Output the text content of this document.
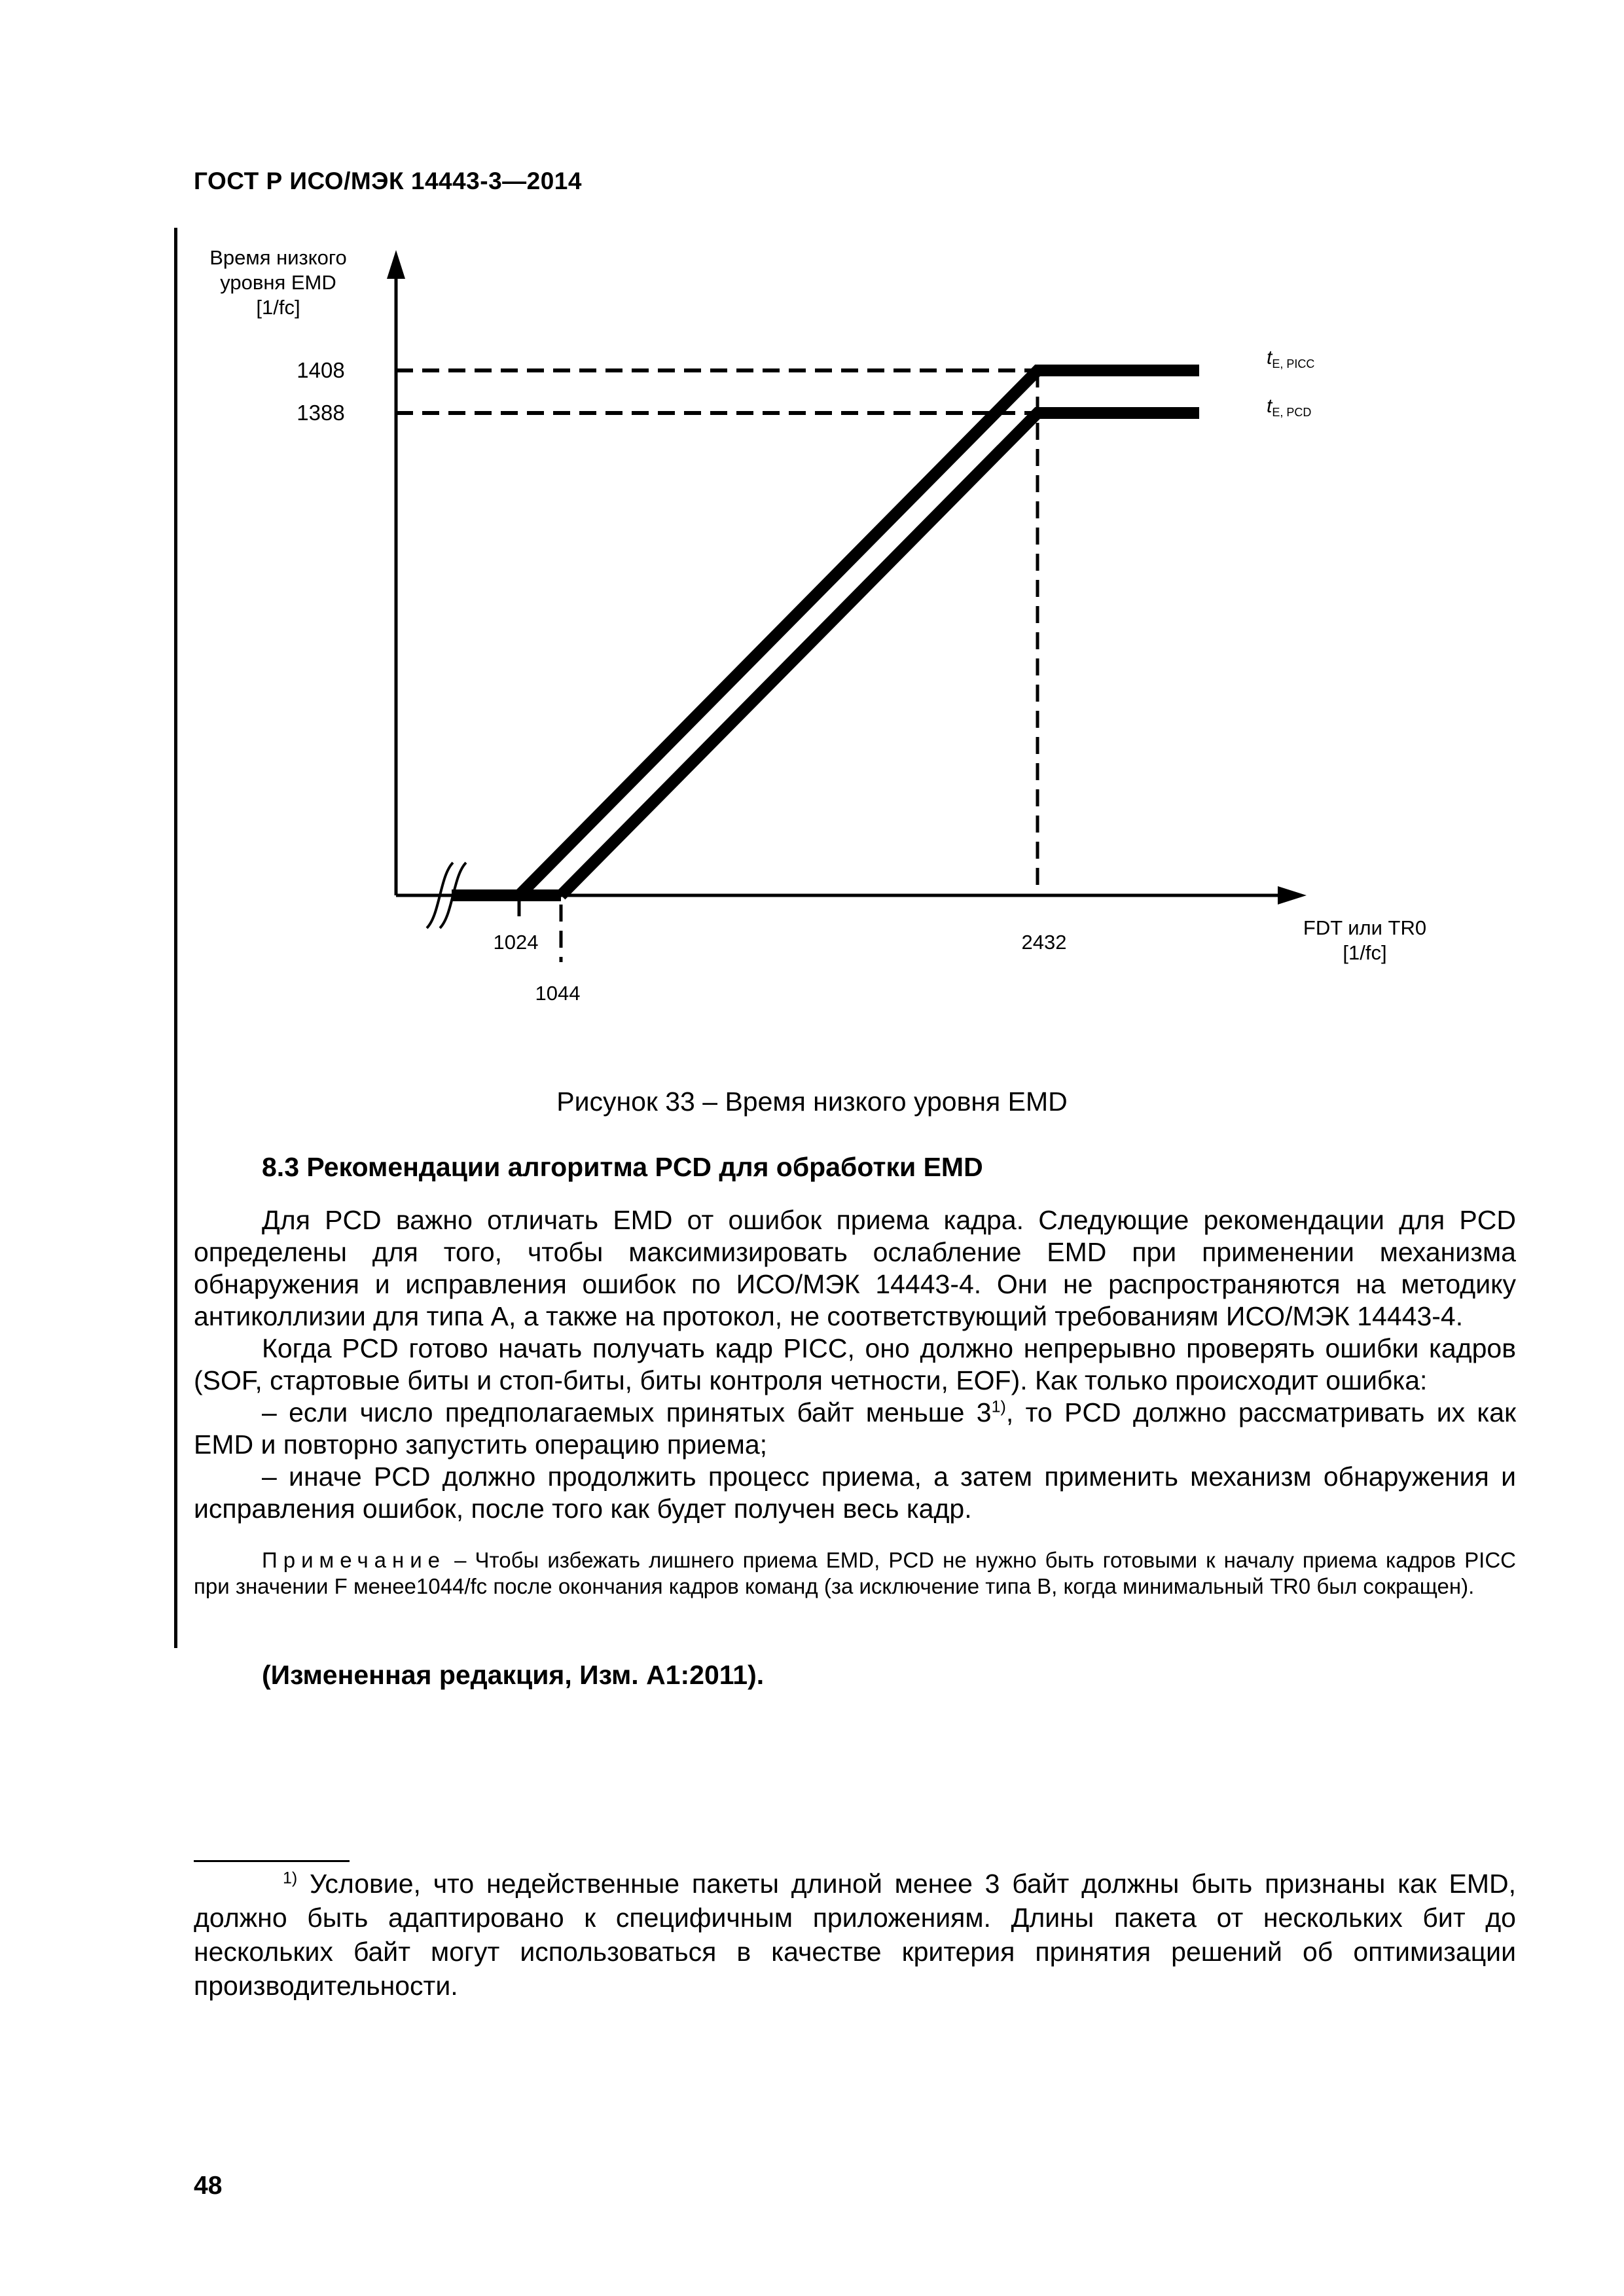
ГОСТ Р ИСО/МЭК 14443-3—2014
Время низкого
уровня EMD
[1/fc]
1408
1388
1024
1044
2432
FDT или TR0
[1/fc]
$t_{E, PICC}$
$t_{E, PCD}$
Рисунок 33 – Время низкого уровня EMD
8.3 Рекомендации алгоритма PCD для обработки EMD
Для PCD важно отличать EMD от ошибок приема кадра. Следующие рекомендации для PCD определены для того, чтобы максимизировать ослабление EMD при применении механизма обнаружения и исправления ошибок по ИСО/МЭК 14443-4. Они не распространяются на методику антиколлизии для типа A, а также на протокол, не соответствующий требованиям ИСО/МЭК 14443-4.
Когда PCD готово начать получать кадр PICC, оно должно непрерывно проверять ошибки кадров (SOF, стартовые биты и стоп-биты, биты контроля четности, EOF). Как только происходит ошибка:
– если число предполагаемых принятых байт меньше 3$^{1)}$, то PCD должно рассматривать их как EMD и повторно запустить операцию приема;
– иначе PCD должно продолжить процесс приема, а затем применить механизм обнаружения и исправления ошибок, после того как будет получен весь кадр.
Примечание – Чтобы избежать лишнего приема EMD, PCD не нужно быть готовыми к началу приема кадров PICC при значении F менее1044/fc после окончания кадров команд (за исключение типа B, когда минимальный TR0 был сокращен).
(Измененная редакция, Изм. А1:2011).
$^{1)}$ Условие, что недейственные пакеты длиной менее 3 байт должны быть признаны как EMD, должно быть адаптировано к специфичным приложениям. Длины пакета от нескольких бит до нескольких байт могут использоваться в качестве критерия принятия решений об оптимизации производительности.
48
